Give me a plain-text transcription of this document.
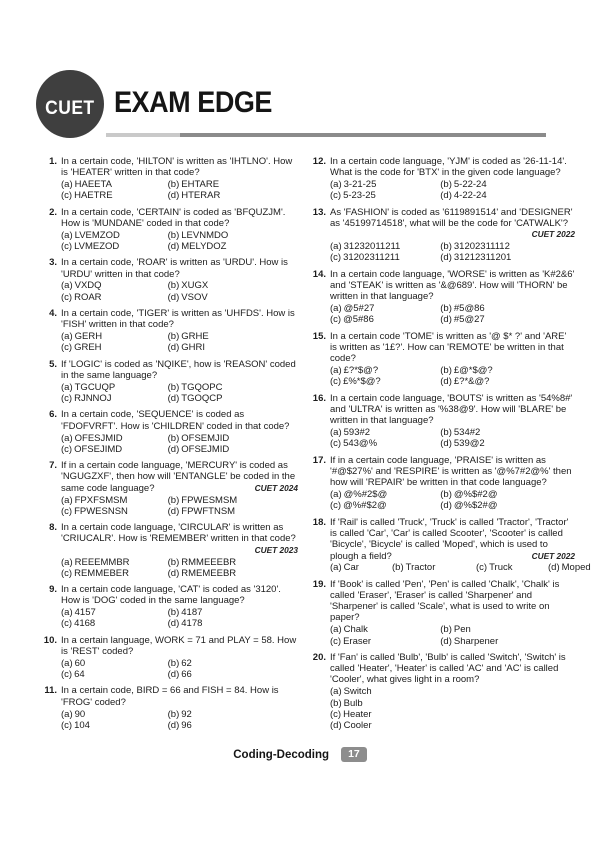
CUET EXAM EDGE
1. In a certain code, 'HILTON' is written as 'IHTLNO'. How is 'HEATER' written in that code?

(a) HAEETA	(b) EHTARE
(c) HAETRE	(d) HTERAR
2. In a certain code, 'CERTAIN' is coded as 'BFQUZJM'. How is 'MUNDANE' coded in that code?

(a) LVEMZOD	(b) LEVNMDO
(c) LVMEZOD	(d) MELYDOZ
3. In a certain code, 'ROAR' is written as 'URDU'. How is 'URDU' written in that code?

(a) VXDQ	(b) XUGX
(c) ROAR	(d) VSOV
4. In a certain code, 'TIGER' is written as 'UHFDS'. How is 'FISH' written in that code?

(a) GERH	(b) GRHE
(c) GREH	(d) GHRI
5. If 'LOGIC' is coded as 'NQIKE', how is 'REASON' coded in the same language?

(a) TGCUQP	(b) TGQOPC
(c) RJNNOJ	(d) TGOQCP
6. In a certain code, 'SEQUENCE' is coded as 'FDOFVRFT'. How is 'CHILDREN' coded in that code?

(a) OFESJMID	(b) OFSEMJID
(c) OFSEJIMD	(d) OFSEJMID
7. If in a certain code language, 'MERCURY' is coded as 'NGUGZXF', then how will 'ENTANGLE' be coded in the same code language?	CUET 2024

(a) FPXFSMSM	(b) FPWESMSM
(c) FPWESNSN	(d) FPWFTNSM
8. In a certain code language, 'CIRCULAR' is written as 'CRIUCALR'. How is 'REMEMBER' written in that code?

CUET 2023
(a) REEEMMBR	(b) RMMEEEBR
(c) REMMEBER	(d) RMEMEEBR
9. In a certain code language, 'CAT' is coded as '3120'. How is 'DOG' coded in the same language?

(a) 4157	(b) 4187
(c) 4168	(d) 4178
10. In a certain language, WORK = 71 and PLAY = 58. How is 'REST' coded?

(a) 60	(b) 62
(c) 64	(d) 66
11. In a certain code, BIRD = 66 and FISH = 84. How is 'FROG' coded?

(a) 90	(b) 92
(c) 104	(d) 96
12. In a certain code language, 'YJM' is coded as '26-11-14'. What is the code for 'BTX' in the given code language?

(a) 3-21-25	(b) 5-22-24
(c) 5-23-25	(d) 4-22-24
13. As 'FASHION' is coded as '6119891514' and 'DESIGNER' as '45199714518', what will be the code for 'CATWALK'?

CUET 2022
(a) 31232011211	(b) 31202311112
(c) 31202311211	(d) 31212311201
14. In a certain code language, 'WORSE' is written as 'K#2&6' and 'STEAK' is written as '&@689'. How will 'THORN' be written in that language?

(a) @5#27	(b) #5@86
(c) @5#86	(d) #5@27
15. In a certain code 'TOME' is written as '@ $* ?' and 'ARE' is written as '1£?'. How can 'REMOTE' be written in that code?

(a) £?*$@?	(b) £@*$@?
(c) £%*$@?	(d) £?*&@?
16. In a certain code language, 'BOUTS' is written as '54%8#' and 'ULTRA' is written as '%38@9'. How will 'BLARE' be written in that language?

(a) 593#2	(b) 534#2
(c) 543@%	(d) 539@2
17. If in a certain code language, 'PRAISE' is written as '#@$27%' and 'RESPIRE' is written as '@%7#2@%' then how will 'REPAIR' be written in that code language?

(a) @%#2$@	(b) @%$#2@
(c) @%#$2@	(d) @%$2#@
18. If 'Rail' is called 'Truck', 'Truck' is called 'Tractor', 'Tractor' is called 'Car', 'Car' is called Scooter', 'Scooter' is called 'Bicycle', 'Bicycle' is called 'Moped', which is used to plough a field?	CUET 2022

(a) Car	(b) Tractor	(c) Truck	(d) Moped
19. If 'Book' is called 'Pen', 'Pen' is called 'Chalk', 'Chalk' is called 'Eraser', 'Eraser' is called 'Sharpener' and 'Sharpener' is called 'Scale', what is used to write on paper?

(a) Chalk	(b) Pen
(c) Eraser	(d) Sharpener
20. If 'Fan' is called 'Bulb', 'Bulb' is called 'Switch', 'Switch' is called 'Heater', 'Heater' is called 'AC' and 'AC' is called 'Cooler', what gives light in a room?

(a) Switch
(b) Bulb
(c) Heater
(d) Cooler
Coding-Decoding	17
